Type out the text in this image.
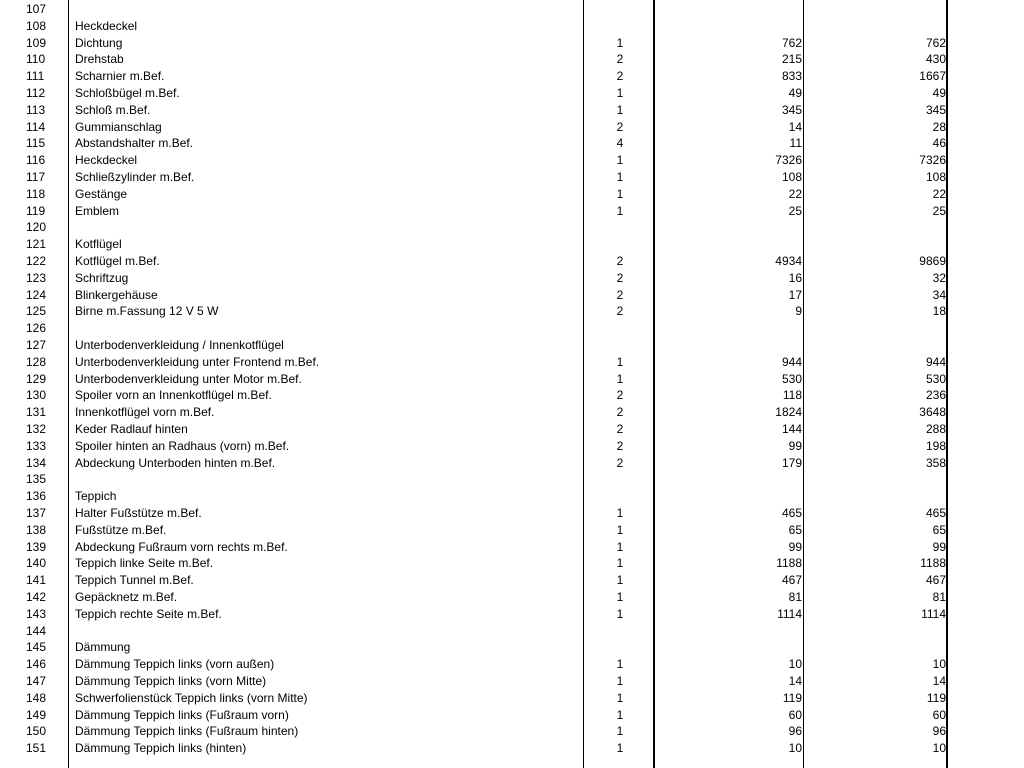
107
108	Heckdeckel
109	Dichtung	1	762	762
110	Drehstab	2	215	430
111	Scharnier m.Bef.	2	833	1667
112	Schloßbügel m.Bef.	1	49	49
113	Schloß m.Bef.	1	345	345
114	Gummianschlag	2	14	28
115	Abstandshalter m.Bef.	4	11	46
116	Heckdeckel	1	7326	7326
117	Schließzylinder m.Bef.	1	108	108
118	Gestänge	1	22	22
119	Emblem	1	25	25
120
121	Kotflügel
122	Kotflügel m.Bef.	2	4934	9869
123	Schriftzug	2	16	32
124	Blinkergehäuse	2	17	34
125	Birne m.Fassung 12 V 5 W	2	9	18
126
127	Unterbodenverkleidung / Innenkotflügel
128	Unterbodenverkleidung unter Frontend m.Bef.	1	944	944
129	Unterbodenverkleidung unter Motor m.Bef.	1	530	530
130	Spoiler vorn an Innenkotflügel m.Bef.	2	118	236
131	Innenkotflügel vorn m.Bef.	2	1824	3648
132	Keder Radlauf hinten	2	144	288
133	Spoiler hinten an Radhaus (vorn) m.Bef.	2	99	198
134	Abdeckung Unterboden hinten m.Bef.	2	179	358
135
136	Teppich
137	Halter Fußstütze m.Bef.	1	465	465
138	Fußstütze m.Bef.	1	65	65
139	Abdeckung Fußraum vorn rechts m.Bef.	1	99	99
140	Teppich linke Seite m.Bef.	1	1188	1188
141	Teppich Tunnel m.Bef.	1	467	467
142	Gepäcknetz m.Bef.	1	81	81
143	Teppich rechte Seite m.Bef.	1	1114	1114
144
145	Dämmung
146	Dämmung Teppich links (vorn außen)	1	10	10
147	Dämmung Teppich links (vorn Mitte)	1	14	14
148	Schwerfolienstück Teppich links (vorn Mitte)	1	119	119
149	Dämmung Teppich links (Fußraum vorn)	1	60	60
150	Dämmung Teppich links (Fußraum hinten)	1	96	96
151	Dämmung Teppich links (hinten)	1	10	10
